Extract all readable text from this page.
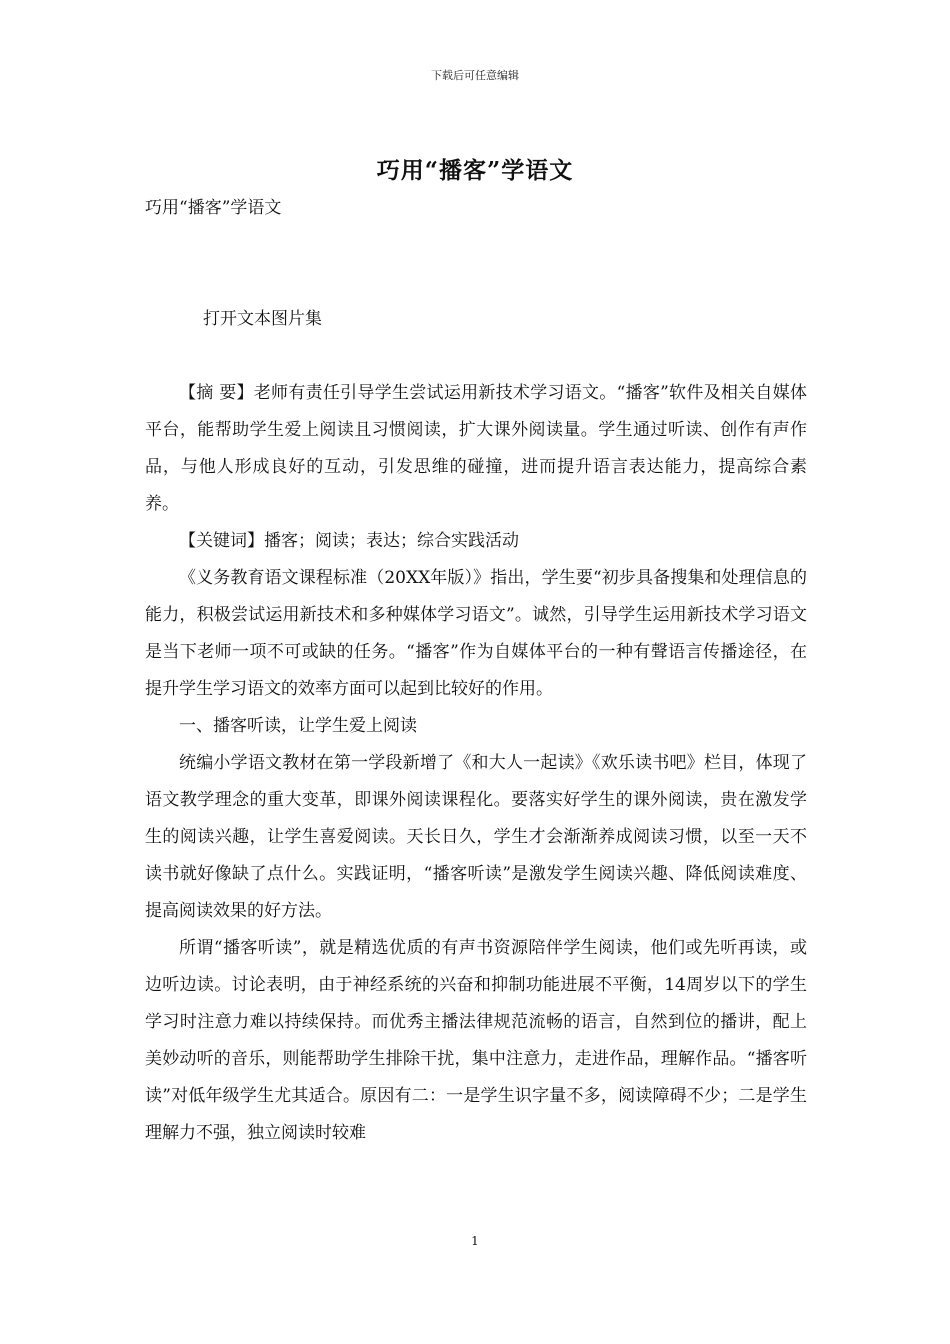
下载后可任意编辑
巧用“播客”学语文

巧用“播客”学语文

打开文本图片集

【摘 要】老师有责任引导学生尝试运用新技术学习语文。“播客”软件及相关自媒体平台，能帮助学生爱上阅读且习惯阅读，扩大课外阅读量。学生通过听读、创作有声作品，与他人形成良好的互动，引发思维的碰撞，进而提升语言表达能力，提高综合素养。

【关键词】播客；阅读；表达；综合实践活动

《义务教育语文课程标准（20XX年版）》指出，学生要“初步具备搜集和处理信息的能力，积极尝试运用新技术和多种媒体学习语文”。诚然，引导学生运用新技术学习语文是当下老师一项不可或缺的任务。“播客”作为自媒体平台的一种有聲语言传播途径，在提升学生学习语文的效率方面可以起到比较好的作用。

一、播客听读，让学生爱上阅读

统编小学语文教材在第一学段新增了《和大人一起读》《欢乐读书吧》栏目，体现了语文教学理念的重大变革，即课外阅读课程化。要落实好学生的课外阅读，贵在激发学生的阅读兴趣，让学生喜爱阅读。天长日久，学生才会渐渐养成阅读习惯，以至一天不读书就好像缺了点什么。实践证明，“播客听读”是激发学生阅读兴趣、降低阅读难度、提高阅读效果的好方法。

所谓“播客听读”，就是精选优质的有声书资源陪伴学生阅读，他们或先听再读，或边听边读。讨论表明，由于神经系统的兴奋和抑制功能进展不平衡，14周岁以下的学生学习时注意力难以持续保持。而优秀主播法律规范流畅的语言，自然到位的播讲，配上美妙动听的音乐，则能帮助学生排除干扰，集中注意力，走进作品，理解作品。“播客听读”对低年级学生尤其适合。原因有二：一是学生识字量不多，阅读障碍不少；二是学生理解力不强，独立阅读时较难

1
